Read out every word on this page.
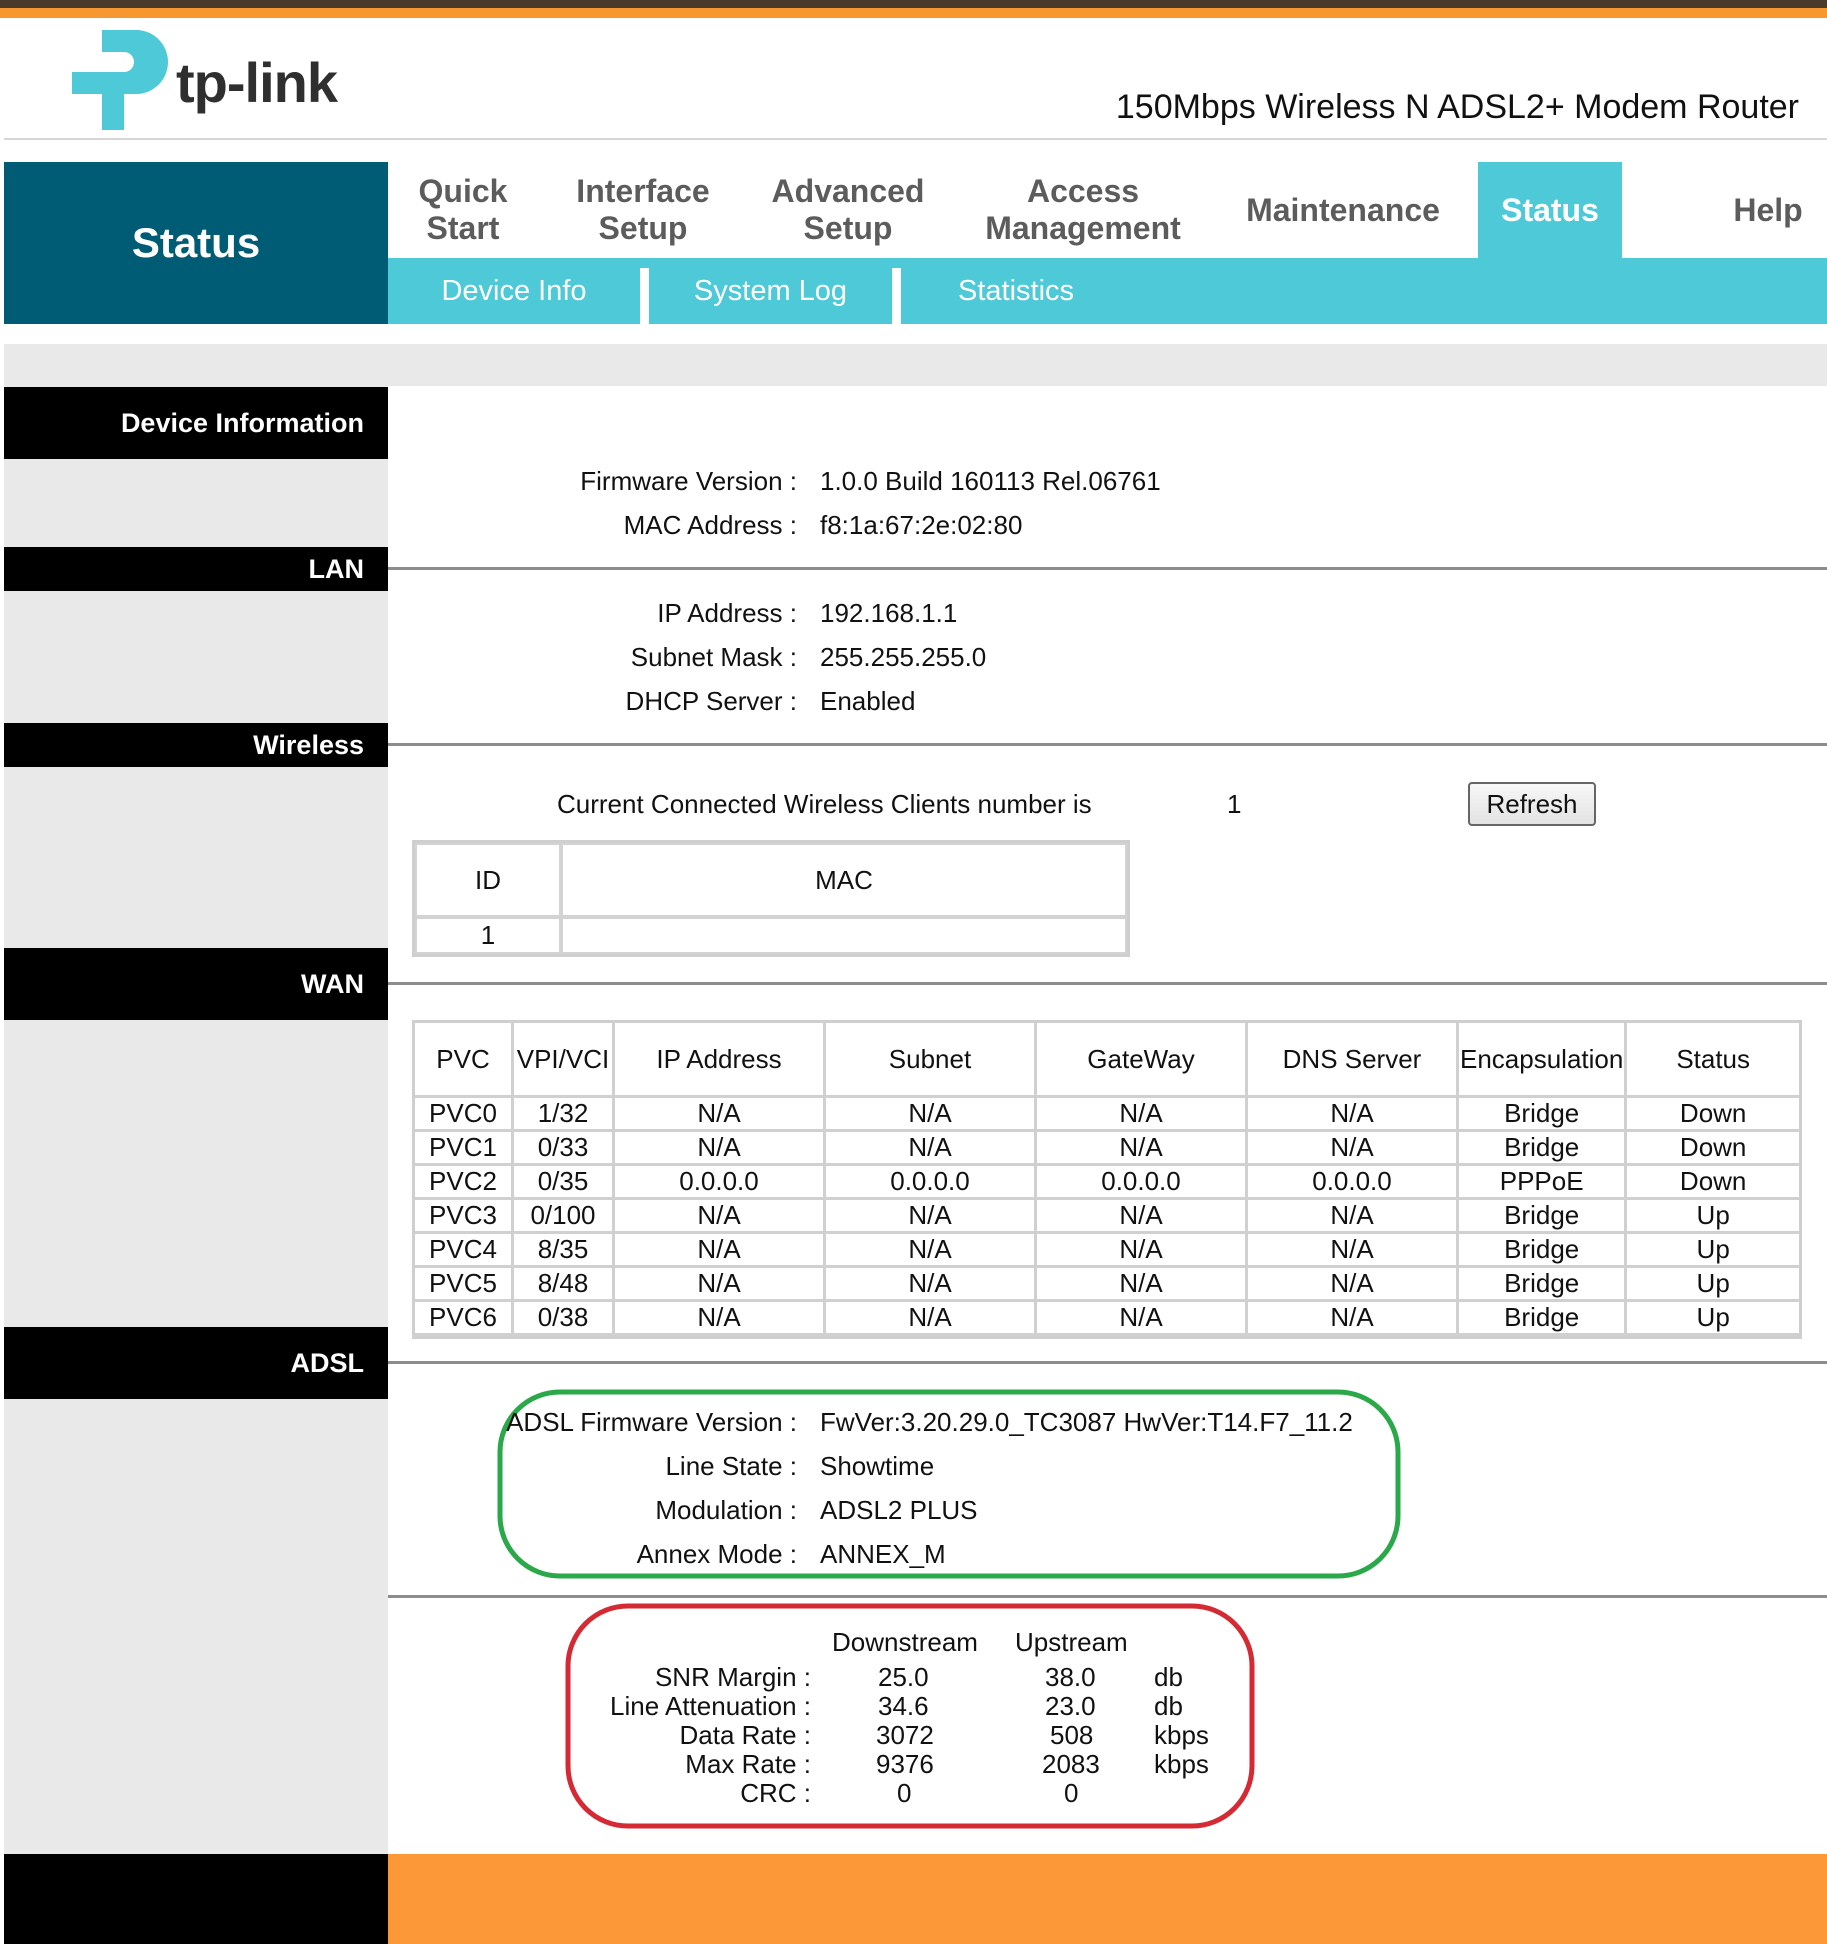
tp-link	150Mbps Wireless N ADSL2+ Modem Router
Status
Quick
Start
Interface
Setup
Advanced
Setup
Access
Management
Maintenance Status	Help
Device Info	System Log	Statistics
Device Information
LAN
Wireless
WAN
ADSL
Firmware Version : 1.0.0 Build 160113 Rel.06761
MAC Address : f8:1a:67:2e:02:80
IP Address : 192.168.1.1
Subnet Mask : 255.255.255.0
DHCP Server : Enabled
Current Connected Wireless Clients number is	1	Refresh
ID	MAC
1	
PVC	VPI/VCI	IP Address	Subnet	GateWay	DNS Server	Encapsulation	Status
PVC0	1/32	N/A	N/A	N/A	N/A	Bridge	Down
PVC1	0/33	N/A	N/A	N/A	N/A	Bridge	Down
PVC2	0/35	0.0.0.0	0.0.0.0	0.0.0.0	0.0.0.0	PPPoE	Down
PVC3	0/100	N/A	N/A	N/A	N/A	Bridge	Up
PVC4	8/35	N/A	N/A	N/A	N/A	Bridge	Up
PVC5	8/48	N/A	N/A	N/A	N/A	Bridge	Up
PVC6	0/38	N/A	N/A	N/A	N/A	Bridge	Up
ADSL Firmware Version : FwVer:3.20.29.0_TC3087 HwVer:T14.F7_11.2
Line State : Showtime
Modulation : ADSL2 PLUS
Annex Mode : ANNEX_M
Downstream Upstream
SNR Margin :	25.0	38.0 db
Line Attenuation :	34.6	23.0 db
Data Rate :	3072	508 kbps
Max Rate :	9376	2083 kbps
CRC :	0	0
